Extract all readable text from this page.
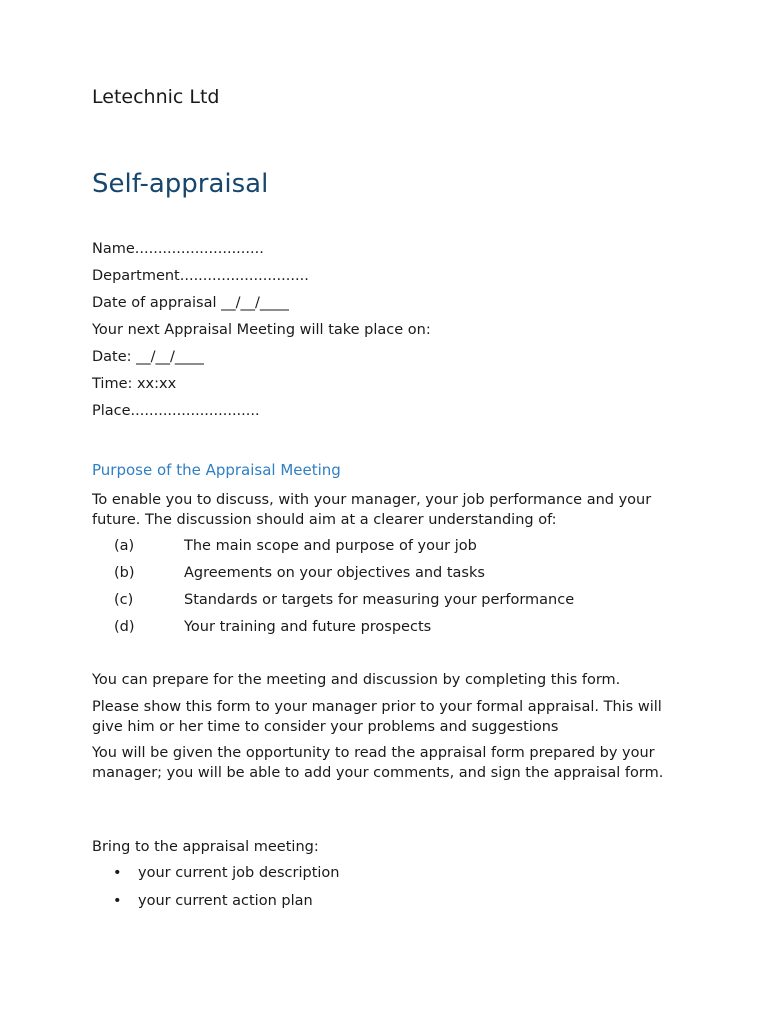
Letechnic Ltd
Self-appraisal
Name............................
Department............................
Date of appraisal __/__/____
Your next Appraisal Meeting will take place on:
Date: __/__/____
Time: xx:xx
Place............................
Purpose of the Appraisal Meeting
To enable you to discuss, with your manager, your job performance and your future. The discussion should aim at a clearer understanding of:
(a)	The main scope and purpose of your job
(b)	Agreements on your objectives and tasks
(c)	Standards or targets for measuring your performance
(d)	Your training and future prospects
You can prepare for the meeting and discussion by completing this form.
Please show this form to your manager prior to your formal appraisal. This will give him or her time to consider your problems and suggestions
You will be given the opportunity to read the appraisal form prepared by your manager; you will be able to add your comments, and sign the appraisal form.
Bring to the appraisal meeting:
• your current job description
• your current action plan
